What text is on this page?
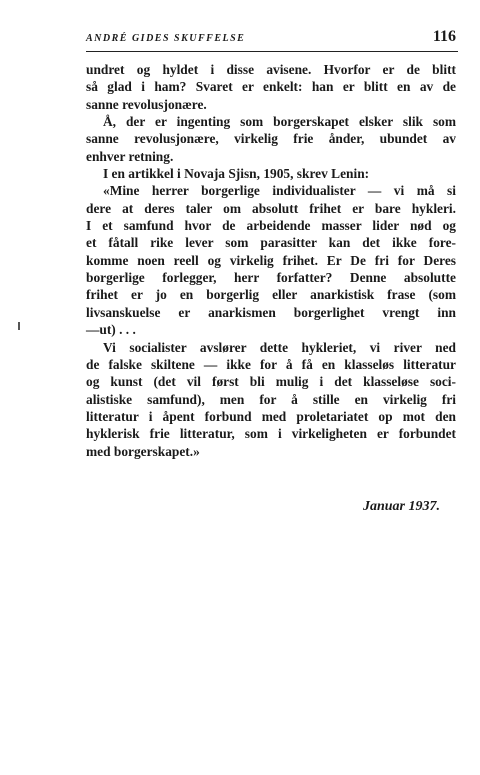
ANDRÉ GIDES SKUFFELSE	116
undret og hyldet i disse avisene. Hvorfor er de blitt
så glad i ham? Svaret er enkelt: han er blitt en av de
sanne revolusjonære.
Å, der er ingenting som borgerskapet elsker slik som
sanne revolusjonære, virkelig frie ånder, ubundet av
enhver retning.
I en artikkel i Novaja Sjisn, 1905, skrev Lenin:
«Mine herrer borgerlige individualister — vi må si
dere at deres taler om absolutt frihet er bare hykleri.
I et samfund hvor de arbeidende masser lider nød og
et fåtall rike lever som parasitter kan det ikke fore-
komme noen reell og virkelig frihet. Er De fri for Deres
borgerlige forlegger, herr forfatter? Denne absolutte
frihet er jo en borgerlig eller anarkistisk frase (som
livsanskuelse er anarkismen borgerlighet vrengt inn
—ut) . . .
Vi socialister avslører dette hykleriet, vi river ned
de falske skiltene — ikke for å få en klasseløs litteratur
og kunst (det vil først bli mulig i det klasseløse soci-
alistiske samfund), men for å stille en virkelig fri
litteratur i åpent forbund med proletariatet op mot den
hyklerisk frie litteratur, som i virkeligheten er forbundet
med borgerskapet.»
Januar 1937.
